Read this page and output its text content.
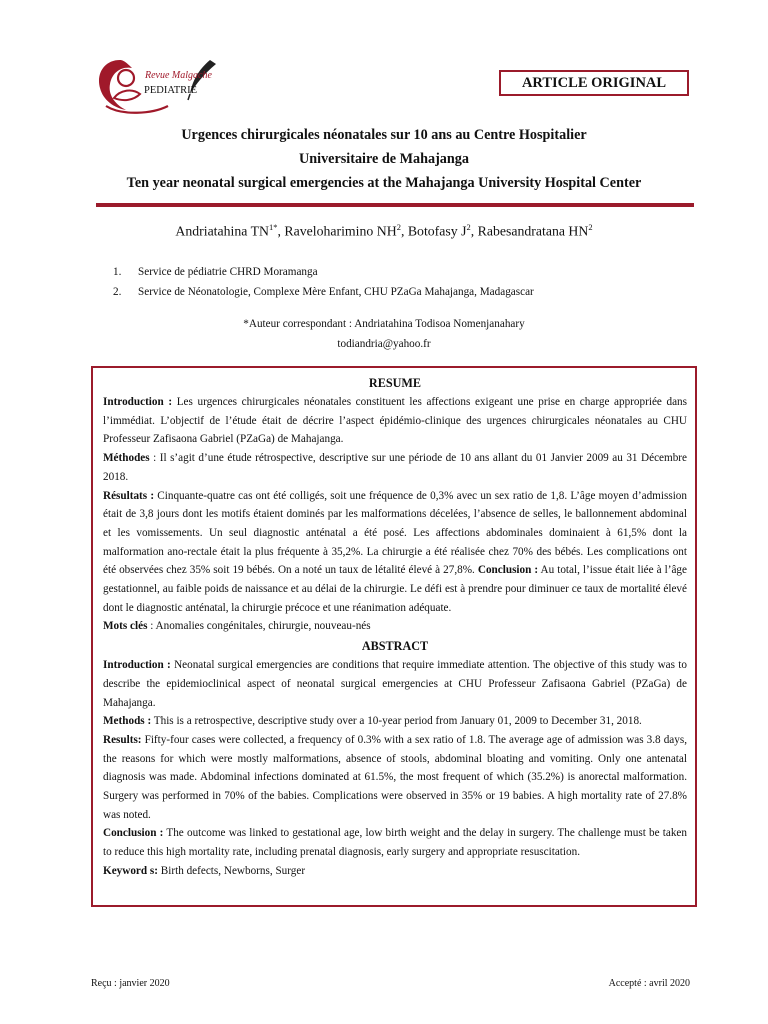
Revue Malgache
PEDIATRIE	ARTICLE ORIGINAL
Urgences chirurgicales néonatales sur 10 ans au Centre Hospitalier
Universitaire de Mahajanga
Ten year neonatal surgical emergencies at the Mahajanga University Hospital Center
Andriatahina $TN^{1*}$, Raveloharimino $NH^2$, Botofasy $J^2$, Rabesandratana $HN^2$
1. Service de pédiatrie CHRD Moramanga
2. Service de Néonatologie, Complexe Mère Enfant, CHU PZaGa Mahajanga, Madagascar
*Auteur correspondant : Andriatahina Todisoa Nomenjanahary
todiandria@yahoo.fr
RESUME

Introduction : Les urgences chirurgicales néonatales constituent les affections exigeant une prise en charge appropriée dans l’immédiat. L’objectif de l’étude était de décrire l’aspect épidémio-clinique des urgences chirurgicales néonatales au CHU Professeur Zafisaona Gabriel (PZaGa) de Mahajanga.

Méthodes : Il s’agit d’une étude rétrospective, descriptive sur une période de 10 ans allant du 01 Janvier 2009 au 31 Décembre 2018.

Résultats : Cinquante-quatre cas ont été colligés, soit une fréquence de 0,3% avec un sex ratio de 1,8. L’âge moyen d’admission était de 3,8 jours dont les motifs étaient dominés par les malformations décelées, l’absence de selles, le ballonnement abdominal et les vomissements. Un seul diagnostic anténatal a été posé. Les affections abdominales dominaient à 61,5% dont la malformation ano-rectale était la plus fréquente à 35,2%. La chirurgie a été réalisée chez 70% des bébés. Les complications ont été observées chez 35% soit 19 bébés. On a noté un taux de létalité élevé à 27,8%. Conclusion : Au total, l’issue était liée à l’âge gestationnel, au faible poids de naissance et au délai de la chirurgie. Le défi est à prendre pour diminuer ce taux de mortalité élevé dont le diagnostic anténatal, la chirurgie précoce et une réanimation adéquate.

Mots clés : Anomalies congénitales, chirurgie, nouveau-nés

ABSTRACT

Introduction : Neonatal surgical emergencies are conditions that require immediate attention. The objective of this study was to describe the epidemioclinical aspect of neonatal surgical emergencies at CHU Professeur Zafisaona Gabriel (PZaGa) de Mahajanga.

Methods : This is a retrospective, descriptive study over a 10-year period from January 01, 2009 to December 31, 2018.

Results: Fifty-four cases were collected, a frequency of 0.3% with a sex ratio of 1.8. The average age of admission was 3.8 days, the reasons for which were mostly malformations, absence of stools, abdominal bloating and vomiting. Only one antenatal diagnosis was made. Abdominal infections dominated at 61.5%, the most frequent of which (35.2%) is anorectal malformation. Surgery was performed in 70% of the babies. Complications were observed in 35% or 19 babies. A high mortality rate of 27.8% was noted.

Conclusion : The outcome was linked to gestational age, low birth weight and the delay in surgery. The challenge must be taken to reduce this high mortality rate, including prenatal diagnosis, early surgery and appropriate resuscitation.

Keyword s: Birth defects, Newborns, Surger

Reçu : janvier 2020	Accepté : avril 2020
